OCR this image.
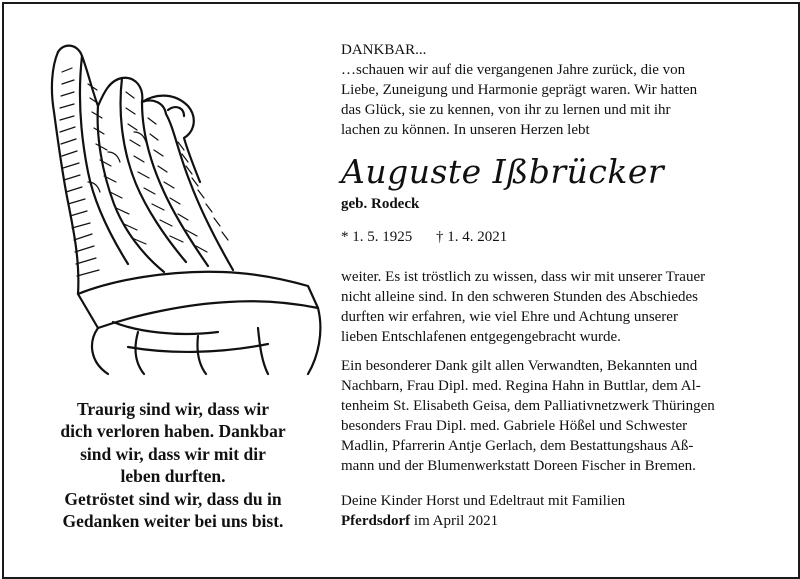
Traurig sind wir, dass wir
dich verloren haben. Dankbar
sind wir, dass wir mit dir
leben durften.
Getröstet sind wir, dass du in
Gedanken weiter bei uns bist.
DANKBAR...
…schauen wir auf die vergangenen Jahre zurück, die von
Liebe, Zuneigung und Harmonie geprägt waren. Wir hatten
das Glück, sie zu kennen, von ihr zu lernen und mit ihr
lachen zu können. In unseren Herzen lebt
Auguste Ißbrücker
geb. Rodeck
* 1. 5. 1925 † 1. 4. 2021
weiter. Es ist tröstlich zu wissen, dass wir mit unserer Trauer
nicht alleine sind. In den schweren Stunden des Abschiedes
durften wir erfahren, wie viel Ehre und Achtung unserer
lieben Entschlafenen entgegengebracht wurde.
Ein besonderer Dank gilt allen Verwandten, Bekannten und
Nachbarn, Frau Dipl. med. Regina Hahn in Buttlar, dem Al-
tenheim St. Elisabeth Geisa, dem Palliativnetzwerk Thüringen
besonders Frau Dipl. med. Gabriele Hößel und Schwester
Madlin, Pfarrerin Antje Gerlach, dem Bestattungshaus Aß-
mann und der Blumenwerkstatt Doreen Fischer in Bremen.
Deine Kinder Horst und Edeltraut mit Familien
Pferdsdorf im April 2021
